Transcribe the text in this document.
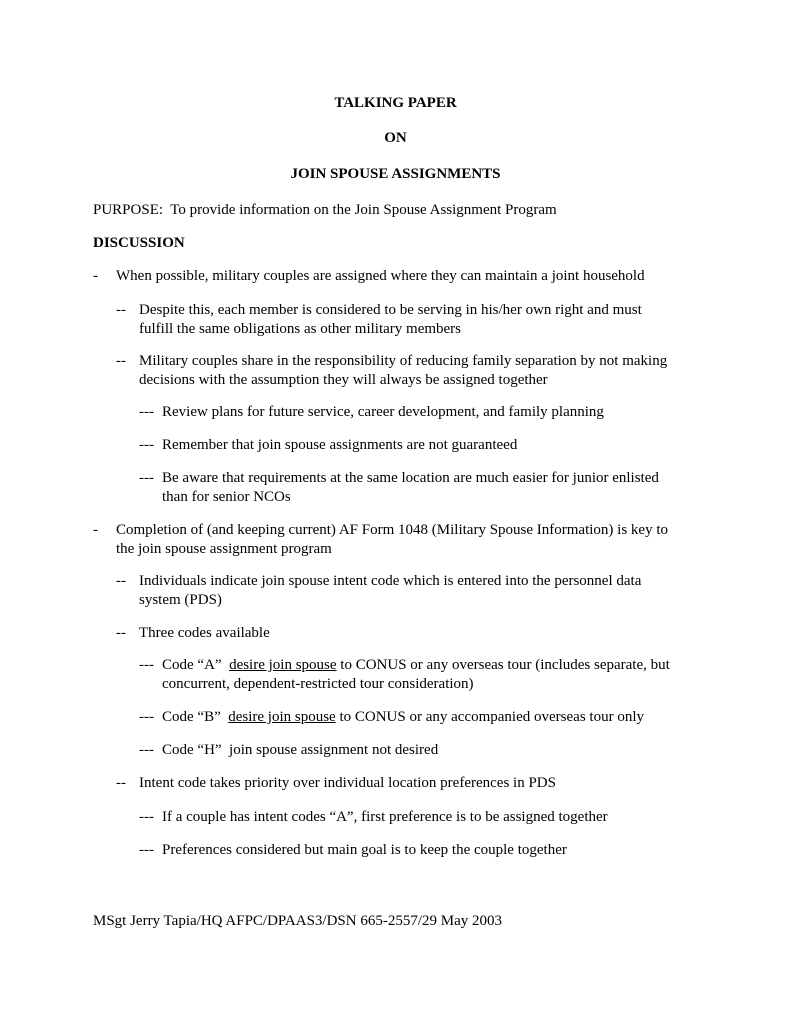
TALKING PAPER
ON
JOIN SPOUSE ASSIGNMENTS
PURPOSE: To provide information on the Join Spouse Assignment Program
DISCUSSION
- When possible, military couples are assigned where they can maintain a joint household
-- Despite this, each member is considered to be serving in his/her own right and must
fulfill the same obligations as other military members
-- Military couples share in the responsibility of reducing family separation by not making
decisions with the assumption they will always be assigned together
--- Review plans for future service, career development, and family planning
--- Remember that join spouse assignments are not guaranteed
--- Be aware that requirements at the same location are much easier for junior enlisted
than for senior NCOs
- Completion of (and keeping current) AF Form 1048 (Military Spouse Information) is key to
the join spouse assignment program
-- Individuals indicate join spouse intent code which is entered into the personnel data
system (PDS)
-- Three codes available
--- Code “A” desire join spouse to CONUS or any overseas tour (includes separate, but
concurrent, dependent-restricted tour consideration)
--- Code “B” desire join spouse to CONUS or any accompanied overseas tour only
--- Code “H”  join spouse assignment not desired
-- Intent code takes priority over individual location preferences in PDS
--- If a couple has intent codes “A”, first preference is to be assigned together
--- Preferences considered but main goal is to keep the couple together
MSgt Jerry Tapia/HQ AFPC/DPAAS3/DSN 665-2557/29 May 2003
